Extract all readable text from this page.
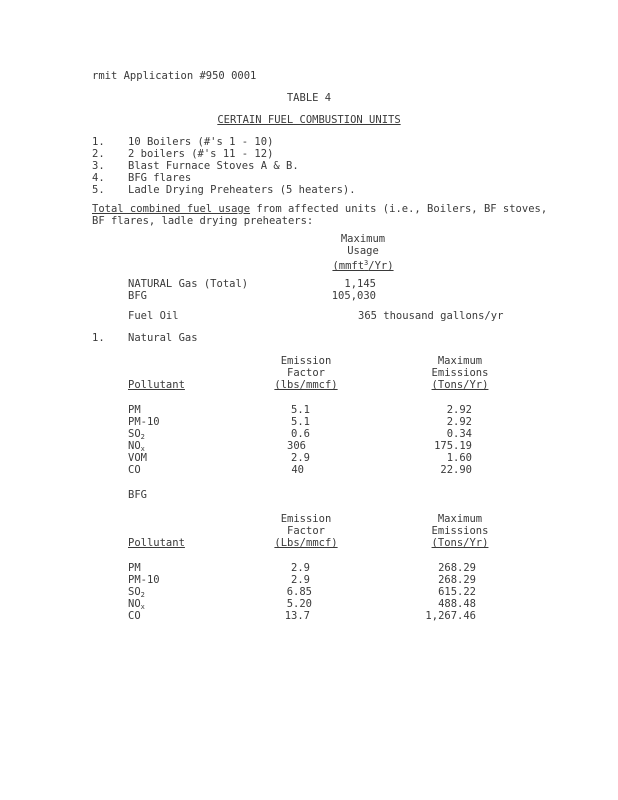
rmit Application #950 0001
TABLE 4
CERTAIN FUEL COMBUSTION UNITS
1. 10 Boilers (#'s 1 - 10)
2. 2 boilers (#'s 11 - 12)
3. Blast Furnace Stoves A & B.
4. BFG flares
5. Ladle Drying Preheaters (5 heaters).
Total combined fuel usage from affected units (i.e., Boilers, BF stoves,
BF flares, ladle drying preheaters:
Maximum
Usage
(mmft$^3$/Yr)
NATURAL Gas (Total)	1,145
BFG	105,030
Fuel Oil	365 thousand gallons/yr
1. Natural Gas
Emission
Factor
(lbs/mmcf)
Maximum
Emissions
(Tons/Yr)
Pollutant
PM	5.1	2.92
PM-10	5.1	2.92
$SO_2$	0.6	0.34
$NO_x$	306	175.19
VOM	2.9	1.60
CO	40	22.90
BFG
Emission
Factor
(Lbs/mmcf)
Maximum
Emissions
(Tons/Yr)
Pollutant
PM	2.9	268.29
PM-10	2.9	268.29
$SO_2$	6.85	615.22
$NO_x$	5.20	488.48
CO	13.7	1,267.46
